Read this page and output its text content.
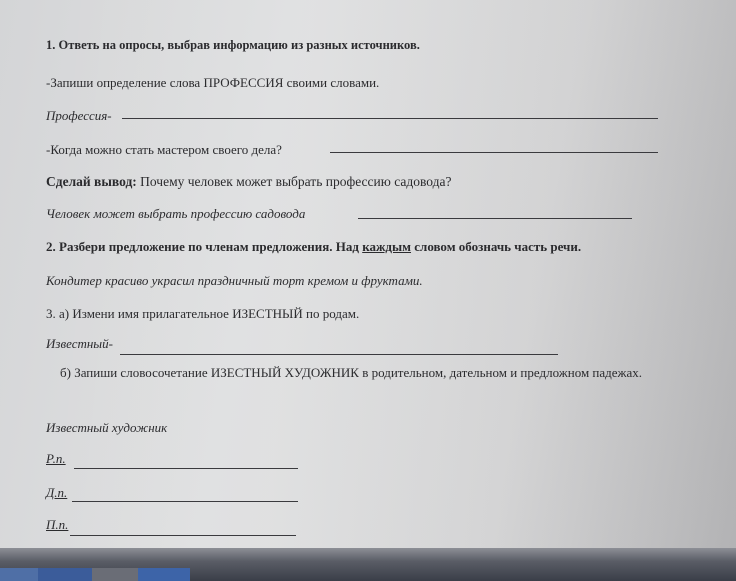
1. Ответь на опросы, выбрав информацию из разных источников.
-Запиши определение слова ПРОФЕССИЯ своими словами.
Профессия-
-Когда можно стать мастером своего дела?
Сделай вывод: Почему человек может выбрать профессию садовода?
Человек может выбрать профессию садовода
2. Разбери предложение по членам предложения. Над каждым словом обозначь часть речи.
Кондитер красиво украсил праздничный торт кремом и фруктами.
3. а) Измени имя прилагательное ИЗЕСТНЫЙ по родам.
Известный-
б) Запиши словосочетание ИЗЕСТНЫЙ ХУДОЖНИК в родительном, дательном и предложном падежах.
Известный художник
Р.п.
Д.п.
П.п.
